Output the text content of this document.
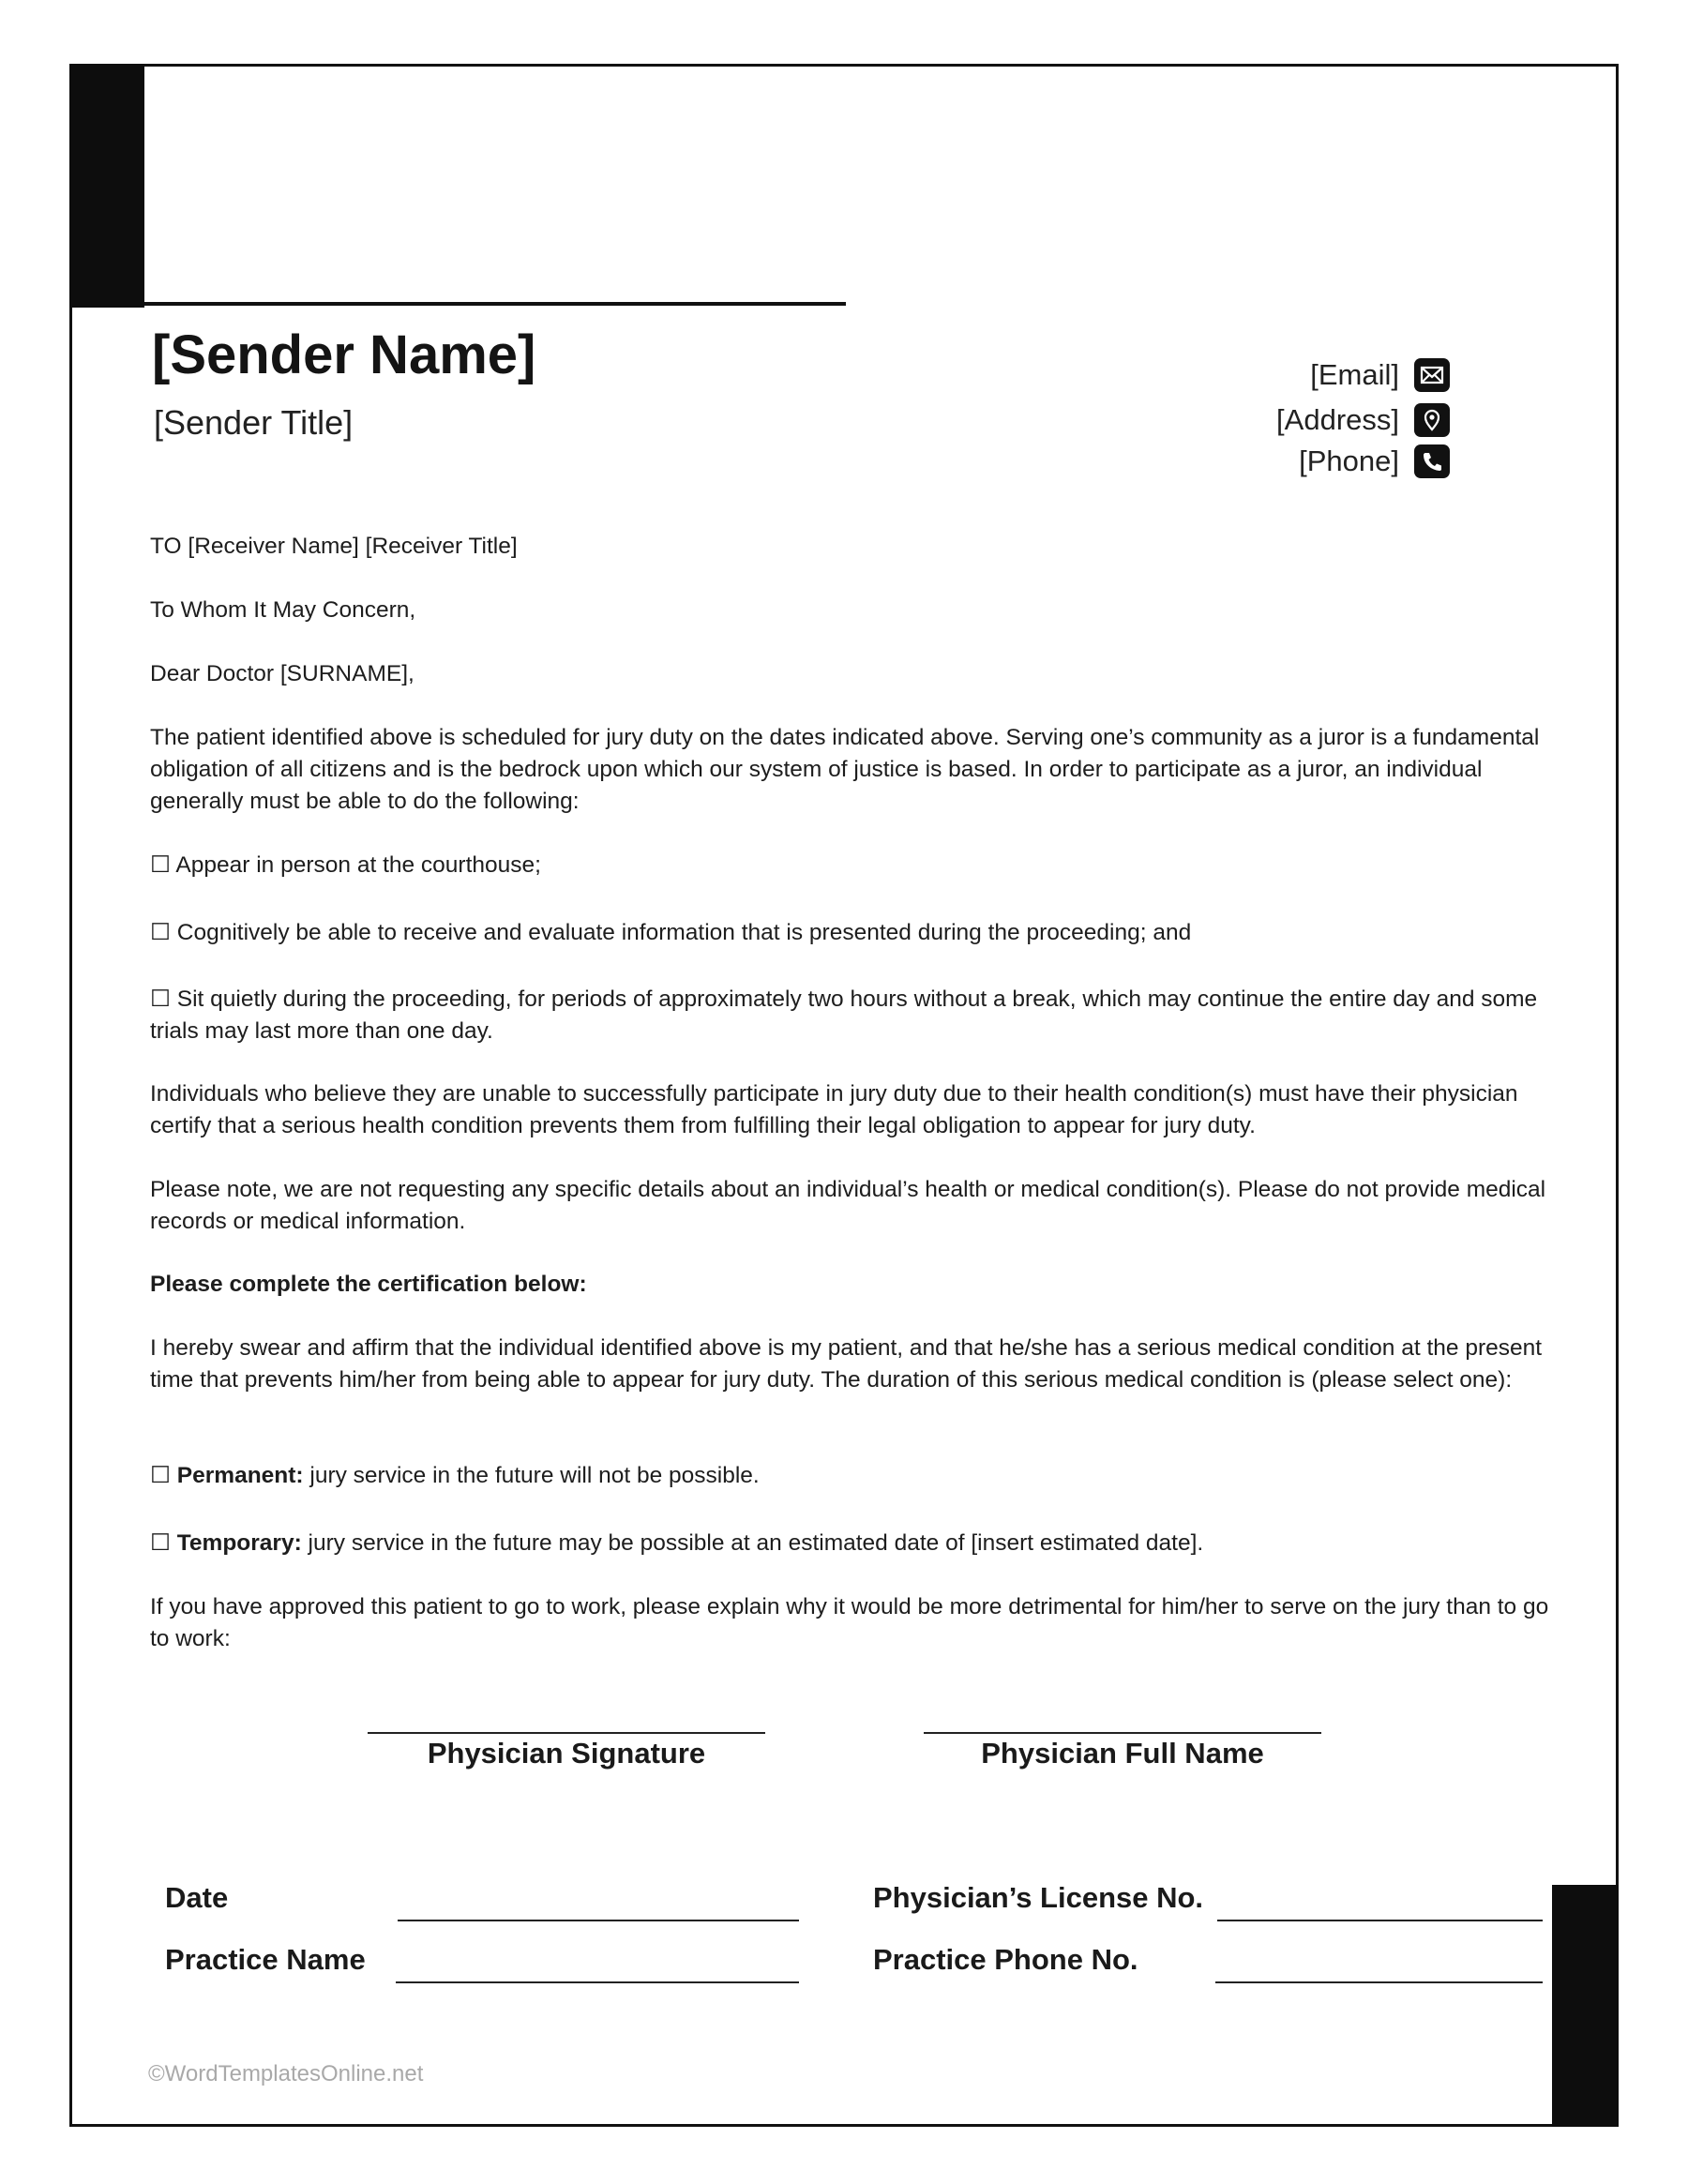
[Sender Name]
[Sender Title]
[Email]
[Address]
[Phone]
TO [Receiver Name] [Receiver Title]
To Whom It May Concern,
Dear Doctor [SURNAME],
The patient identified above is scheduled for jury duty on the dates indicated above. Serving one’s community as a juror is a fundamental obligation of all citizens and is the bedrock upon which our system of justice is based. In order to participate as a juror, an individual generally must be able to do the following:
☐ Appear in person at the courthouse;
☐ Cognitively be able to receive and evaluate information that is presented during the proceeding; and
☐ Sit quietly during the proceeding, for periods of approximately two hours without a break, which may continue the entire day and some trials may last more than one day.
Individuals who believe they are unable to successfully participate in jury duty due to their health condition(s) must have their physician certify that a serious health condition prevents them from fulfilling their legal obligation to appear for jury duty.
Please note, we are not requesting any specific details about an individual’s health or medical condition(s). Please do not provide medical records or medical information.
Please complete the certification below:
I hereby swear and affirm that the individual identified above is my patient, and that he/she has a serious medical condition at the present time that prevents him/her from being able to appear for jury duty. The duration of this serious medical condition is (please select one):
☐ Permanent: jury service in the future will not be possible.
☐ Temporary: jury service in the future may be possible at an estimated date of [insert estimated date].
If you have approved this patient to go to work, please explain why it would be more detrimental for him/her to serve on the jury than to go to work:
Physician Signature	Physician Full Name
Date
Practice Name
Physician’s License No.
Practice Phone No.
©WordTemplatesOnline.net
